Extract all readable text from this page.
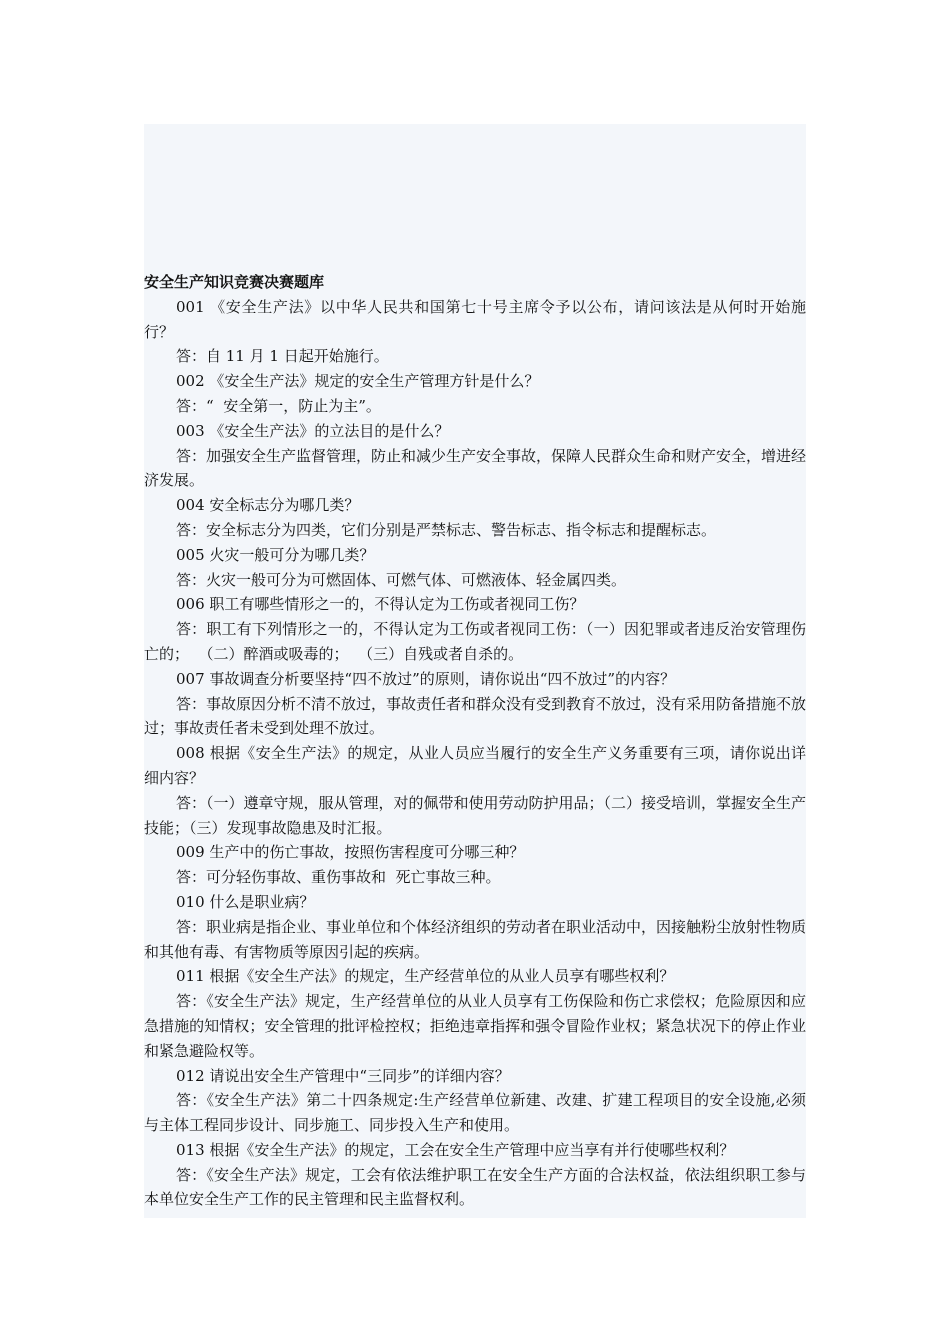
安全生产知识竞赛决赛题库

001 《安全生产法》以中华人民共和国第七十号主席令予以公布，请问该法是从何时开始施行？

答：自 11 月 1 日起开始施行。

002 《安全生产法》规定的安全生产管理方针是什么？

答：“  安全第一，防止为主”。

003 《安全生产法》的立法目的是什么？

答：加强安全生产监督管理，防止和减少生产安全事故，保障人民群众生命和财产安全，增进经济发展。

004 安全标志分为哪几类？

答：安全标志分为四类，它们分别是严禁标志、警告标志、指令标志和提醒标志。

005 火灾一般可分为哪几类？

答：火灾一般可分为可燃固体、可燃气体、可燃液体、轻金属四类。

006 职工有哪些情形之一的，不得认定为工伤或者视同工伤？

答：职工有下列情形之一的，不得认定为工伤或者视同工伤：（一）因犯罪或者违反治安管理伤亡的；  （二）醉酒或吸毒的；  （三）自残或者自杀的。

007 事故调查分析要坚持“四不放过”的原则，请你说出“四不放过”的内容？

答：事故原因分析不清不放过，事故责任者和群众没有受到教育不放过，没有采用防备措施不放过；事故责任者未受到处理不放过。

008 根据《安全生产法》的规定，从业人员应当履行的安全生产义务重要有三项，请你说出详细内容？

答：（一）遵章守规，服从管理，对的佩带和使用劳动防护用品；（二）接受培训，掌握安全生产技能；（三）发现事故隐患及时汇报。

009 生产中的伤亡事故，按照伤害程度可分哪三种？

答：可分轻伤事故、重伤事故和  死亡事故三种。

010 什么是职业病？

答：职业病是指企业、事业单位和个体经济组织的劳动者在职业活动中，因接触粉尘放射性物质和其他有毒、有害物质等原因引起的疾病。

011 根据《安全生产法》的规定，生产经营单位的从业人员享有哪些权利？

答：《安全生产法》规定，生产经营单位的从业人员享有工伤保险和伤亡求偿权；危险原因和应急措施的知情权；安全管理的批评检控权；拒绝违章指挥和强令冒险作业权；紧急状况下的停止作业和紧急避险权等。

012 请说出安全生产管理中“三同步”的详细内容？

答：《安全生产法》第二十四条规定:生产经营单位新建、改建、扩建工程项目的安全设施,必须与主体工程同步设计、同步施工、同步投入生产和使用。

013 根据《安全生产法》的规定，工会在安全生产管理中应当享有并行使哪些权利？

答：《安全生产法》规定，工会有依法维护职工在安全生产方面的合法权益，依法组织职工参与本单位安全生产工作的民主管理和民主监督权利。
